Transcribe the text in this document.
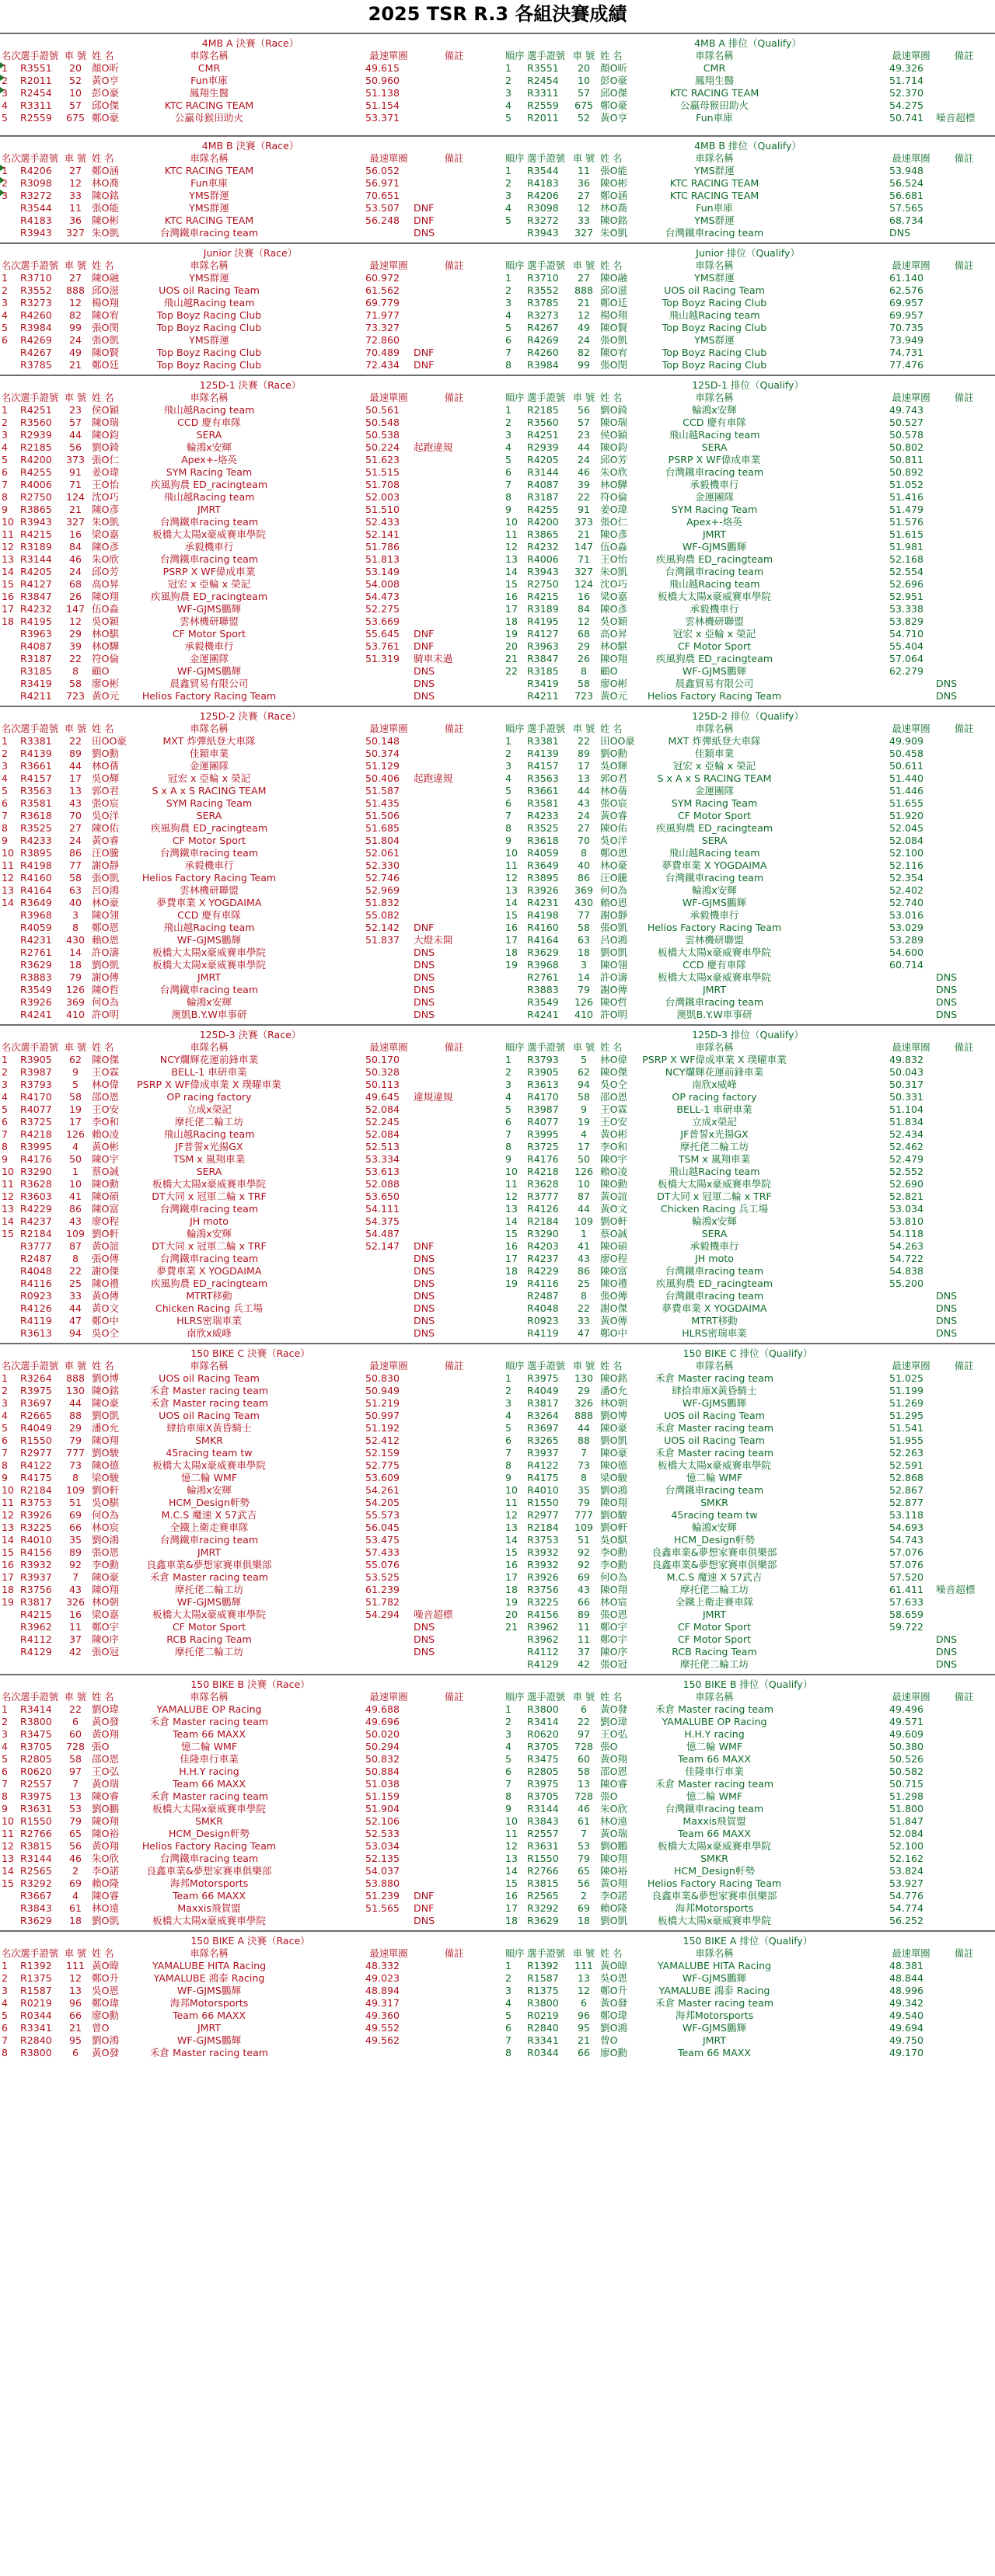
2025 TSR R.3 各組決賽成績
4MB A 決賽（Race）
名次 選手證號 車 號 姓 名	車隊名稱	最速單圈	備註
1	R3551	20	顏O昕	CMR	49.615
2	R2011	52	黃O亨	Fun車庫	50.960
3	R2454	10	彭O豪	鳳翔生醫	51.138
4	R3311	57	邱O傑	KTC RACING TEAM	51.154
5	R2559	675 鄭O豪	公贏母猴田助火	53.371
4MB A 排位（Qualify）
順序 選手證號 車 號 姓 名	車隊名稱	最速單圈	備註
1	R3551	20	顏O昕	CMR	49.326
2	R2454	10	彭O豪	鳳翔生醫	51.714
3	R3311	57	邱O傑	KTC RACING TEAM	52.370
4	R2559	675 鄭O豪	公贏母猴田助火	54.275
5	R2011	52	黃O亨	Fun車庫	50.741	噪音超標
4MB B 決賽（Race）
名次 選手證號 車 號 姓 名	車隊名稱	最速單圈	備註
1	R4206	27	鄭O涵	KTC RACING TEAM	56.052
2	R3098	12	林O喬	Fun車庫	56.971
3	R3272	33	陳O銘	YMS群運	70.651
R3544	11	張O能	YMS群運	53.507	DNF
R4183	36	陳O彬	KTC RACING TEAM	56.248	DNF
R3943	327 朱O凱	台灣鐵車racing team	DNS
4MB B 排位（Qualify）
順序 選手證號 車 號 姓 名	車隊名稱	最速單圈	備註
1	R3544	11	張O能	YMS群運	53.948
2	R4183	36	陳O彬	KTC RACING TEAM	56.524
3	R4206	27	鄭O涵	KTC RACING TEAM	56.681
4	R3098	12	林O喬	Fun車庫	57.565
5	R3272	33	陳O銘	YMS群運	68.734
R3943	327 朱O凱	台灣鐵車racing team	DNS
Junior 決賽（Race）
名次 選手證號 車 號 姓 名	車隊名稱	最速單圈	備註
1	R3710	27	陳O融	YMS群運	60.972
2	R3552	888 邱O滋	UOS oil Racing Team	61.562
3	R3273	12	楊O翔	飛山越Racing team	69.779
4	R4260	82	陳O宥	Top Boyz Racing Club	71.977
5	R3984	99	張O閔	Top Boyz Racing Club	73.327
6	R4269	24	張O凱	YMS群運	72.860
R4267	49	陳O賢	Top Boyz Racing Club	70.489	DNF
R3785	21	鄭O廷	Top Boyz Racing Club	72.434	DNF
Junior 排位（Qualify）
順序 選手證號 車 號 姓 名	車隊名稱	最速單圈	備註
1	R3710	27	陳O融	YMS群運	61.140
2	R3552	888 邱O滋	UOS oil Racing Team	62.576
3	R3785	21	鄭O廷	Top Boyz Racing Club	69.957
4	R3273	12	楊O翔	飛山越Racing team	69.957
5	R4267	49	陳O賢	Top Boyz Racing Club	70.735
6	R4269	24	張O凱	YMS群運	73.949
7	R4260	82	陳O宥	Top Boyz Racing Club	74.731
8	R3984	99	張O閔	Top Boyz Racing Club	77.476
125D-1 決賽（Race）
名次 選手證號 車 號 姓 名	車隊名稱	最速單圈	備註
1	R4251	23	侯O穎	飛山越Racing team	50.561
2	R3560	57	陳O瑞	CCD 慶有車隊	50.548
3	R2939	44	陳O鈞	SERA	50.538
4	R2185	56	劉O錡	輪鴻x安輝	50.224	起跑違規
5	R4200	373 張O仁	Apex+-烙英	51.623
6	R4255	91	姜O瑋	SYM Racing Team	51.515
7	R4006	71	王O怡	疾風狗農 ED_racingteam	51.708
8	R2750	124 沈O巧	飛山越Racing team	52.003
9	R3865	21	陳O彥	JMRT	51.510
10 R3943	327 朱O凱	台灣鐵車racing team	52.433
11 R4215	16	梁O嘉	板橋大太陽x豪威賽車學院	52.141
12 R3189	84	陳O彥	承毅機車行	51.786
13 R3144	46	朱O欣	台灣鐵車racing team	51.813
14 R4205	24	邱O芳	PSRP X WF偉成車業	53.149
15 R4127	68	高O昇	冠宏 x 亞輪 x 榮記	54.008
16 R3847	26	陳O翔	疾風狗農 ED_racingteam	54.473
17 R4232	147 伍O淼	WF-GJMS鵬輝	52.275
18 R4195	12	吳O穎	雲林機研聯盟	53.669
R3963	29	林O騏	CF Motor Sport	55.645	DNF
R4087	39	林O驊	承毅機車行	53.761	DNF
R3187	22	符O倫	金運團隊	51.319	騎車未過
R3185	8	顧O	WF-GJMS鵬輝	DNS
R3419	58	廖O彬	晨鑫貿易有限公司	DNS
R4211	723 黃O元	Helios Factory Racing Team	DNS
125D-1 排位（Qualify）
順序 選手證號 車 號 姓 名	車隊名稱	最速單圈	備註
1	R2185	56	劉O錡	輪鴻x安輝	49.743
2	R3560	57	陳O瑞	CCD 慶有車隊	50.527
3	R4251	23	侯O穎	飛山越Racing team	50.578
4	R2939	44	陳O鈞	SERA	50.802
5	R4205	24	邱O芳	PSRP X WF偉成車業	50.811
6	R3144	46	朱O欣	台灣鐵車racing team	50.892
7	R4087	39	林O驊	承毅機車行	51.052
8	R3187	22	符O倫	金運團隊	51.416
9	R4255	91	姜O瑋	SYM Racing Team	51.479
10 R4200	373 張O仁	Apex+-烙英	51.576
11 R3865	21	陳O彥	JMRT	51.615
12 R4232	147 伍O淼	WF-GJMS鵬輝	51.981
13 R4006	71	王O怡	疾風狗農 ED_racingteam	52.168
14 R3943	327 朱O凱	台灣鐵車racing team	52.554
15 R2750	124 沈O巧	飛山越Racing team	52.696
16 R4215	16	梁O嘉	板橋大太陽x豪威賽車學院	52.951
17 R3189	84	陳O彥	承毅機車行	53.338
18 R4195	12	吳O穎	雲林機研聯盟	53.829
19 R4127	68	高O昇	冠宏 x 亞輪 x 榮記	54.710
20 R3963	29	林O騏	CF Motor Sport	55.404
21 R3847	26	陳O翔	疾風狗農 ED_racingteam	57.064
22 R3185	8	顧O	WF-GJMS鵬輝	62.279
R3419	58	廖O彬	晨鑫貿易有限公司	DNS
R4211	723 黃O元	Helios Factory Racing Team	DNS
125D-2 決賽（Race）
名次 選手證號 車 號 姓 名	車隊名稱	最速單圈	備註
1	R3381	22	田OO豪	MXT 炸彈紙登大車隊	50.148
2	R4139	89	劉O勳	佳穎車業	50.374
3	R3661	44	林O蒨	金運團隊	51.129
4	R4157	17	吳O輝	冠宏 x 亞輪 x 榮記	50.406	起跑違規
5	R3563	13	郭O君	S x A x S RACING TEAM	51.587
6	R3581	43	張O宸	SYM Racing Team	51.435
7	R3618	70	吳O洋	SERA	51.506
8	R3525	27	陳O佑	疾風狗農 ED_racingteam	51.685
9	R4233	24	黃O睿	CF Motor Sport	51.804
10 R3895	86	汪O騰	台灣鐵車racing team	52.061
11 R4198	77	謝O靜	承毅機車行	52.330
12 R4160	58	張O凱	Helios Factory Racing Team	52.746
13 R4164	63	呂O鴻	雲林機研聯盟	52.969
14 R3649	40	林O豪	夢費車業 X YOGDAIMA	51.832
R3968	3	陳O翎	CCD 慶有車隊	55.082
R4059	8	鄭O恩	飛山越Racing team	52.142	DNF
R4231	430 賴O恩	WF-GJMS鵬輝	51.837	大燈未開
R2761	14	許O濤	板橋大太陽x豪威賽車學院	DNS
R3629	18	劉O凱	板橋大太陽x豪威賽車學院	DNS
R3883	79	謝O傳	JMRT	DNS
R3549	126 陳O哲	台灣鐵車racing team	DNS
R3926	369 何O為	輪鴻x安輝	DNS
R4241	410 許O明	澳凱B.Y.W車事研	DNS
125D-2 排位（Qualify）
順序 選手證號 車 號 姓 名	車隊名稱	最速單圈	備註
1	R3381	22	田OO豪	MXT 炸彈紙登大車隊	49.909
2	R4139	89	劉O勳	佳穎車業	50.458
3	R4157	17	吳O輝	冠宏 x 亞輪 x 榮記	50.611
4	R3563	13	郭O君	S x A x S RACING TEAM	51.440
5	R3661	44	林O蒨	金運團隊	51.446
6	R3581	43	張O宸	SYM Racing Team	51.655
7	R4233	24	黃O睿	CF Motor Sport	51.920
8	R3525	27	陳O佑	疾風狗農 ED_racingteam	52.045
9	R3618	70	吳O洋	SERA	52.084
10 R4059	8	鄭O恩	飛山越Racing team	52.100
11 R3649	40	林O豪	夢費車業 X YOGDAIMA	52.116
12 R3895	86	汪O騰	台灣鐵車racing team	52.354
13 R3926	369 何O為	輪鴻x安輝	52.402
14 R4231	430 賴O恩	WF-GJMS鵬輝	52.740
15 R4198	77	謝O靜	承毅機車行	53.016
16 R4160	58	張O凱	Helios Factory Racing Team	53.029
17 R4164	63	呂O鴻	雲林機研聯盟	53.289
18 R3629	18	劉O凱	板橋大太陽x豪威賽車學院	54.600
19 R3968	3	陳O翎	CCD 慶有車隊	60.714
R2761	14	許O濤	板橋大太陽x豪威賽車學院	DNS
R3883	79	謝O傳	JMRT	DNS
R3549	126 陳O哲	台灣鐵車racing team	DNS
R4241	410 許O明	澳凱B.Y.W車事研	DNS
125D-3 決賽（Race）
名次 選手證號 車 號 姓 名	車隊名稱	最速單圈	備註
1	R3905	62	陳O傑	NCY爛輝花運前鋒車業	50.170
2	R3987	9	王O霖	BELL-1 車研車業	50.328
3	R3793	5	林O偉	PSRP X WF偉成車業 X 璞曜車業	50.113
4	R4170	58	邵O恩	OP racing factory	49.645	違規違規
5	R4077	19	王O安	立成x榮記	52.084
6	R3725	17	李O和	摩托佬二輪工坊	52.245
7	R4218	126 賴O凌	飛山越Racing team	52.084
8	R3995	4	黃O彬	JF普誓x光揚GX	52.513
9	R4176	50	陳O宇	TSM x 嵐翔車業	53.334
10 R3290	1	蔡O誠	SERA	53.613
11 R3628	10	陳O勳	板橋大太陽x豪威賽車學院	52.088
12 R3603	41	陳O碩	DT大同 x 冠軍二輪 x TRF	53.650
13 R4229	86	陳O富	台灣鐵車racing team	54.111
14 R4237	43	廖O程	JH moto	54.375
15 R2184	109 劉O軒	輪鴻x安輝	54.487
R3777	87	黃O誼	DT大同 x 冠軍二輪 x TRF	52.147	DNF
R2487	8	張O傳	台灣鐵車racing team	DNS
R4048	22	謝O傑	夢費車業 X YOGDAIMA	DNS
R4116	25	陳O禮	疾風狗農 ED_racingteam	DNS
R0923	33	黃O傳	MTRT移動	DNS
R4126	44	黃O文	Chicken Racing 兵工場	DNS
R4119	47	鄭O中	HLRS密瑞車業	DNS
R3613	94	吳O仝	南欣x威峰	DNS
125D-3 排位（Qualify）
順序 選手證號 車 號 姓 名	車隊名稱	最速單圈	備註
1	R3793	5	林O偉	PSRP X WF偉成車業 X 璞曜車業	49.832
2	R3905	62	陳O傑	NCY爛輝花運前鋒車業	50.043
3	R3613	94	吳O仝	南欣x威峰	50.317
4	R4170	58	邵O恩	OP racing factory	50.331
5	R3987	9	王O霖	BELL-1 車研車業	51.104
6	R4077	19	王O安	立成x榮記	51.834
7	R3995	4	黃O彬	JF普誓x光揚GX	52.434
8	R3725	17	李O和	摩托佬二輪工坊	52.462
9	R4176	50	陳O宇	TSM x 嵐翔車業	52.479
10 R4218	126 賴O凌	飛山越Racing team	52.552
11 R3628	10	陳O勳	板橋大太陽x豪威賽車學院	52.690
12 R3777	87	黃O誼	DT大同 x 冠軍二輪 x TRF	52.821
13 R4126	44	黃O文	Chicken Racing 兵工場	53.034
14 R2184	109 劉O軒	輪鴻x安輝	53.810
15 R3290	1	蔡O誠	SERA	54.118
16 R4203	41	陳O碩	承毅機車行	54.263
17 R4237	43	廖O程	JH moto	54.722
18 R4229	86	陳O富	台灣鐵車racing team	54.838
19 R4116	25	陳O禮	疾風狗農 ED_racingteam	55.200
R2487	8	張O傳	台灣鐵車racing team	DNS
R4048	22	謝O傑	夢費車業 X YOGDAIMA	DNS
R0923	33	黃O傳	MTRT移動	DNS
R4119	47	鄭O中	HLRS密瑞車業	DNS
150 BIKE C 決賽（Race）
名次 選手證號 車 號 姓 名	車隊名稱	最速單圈	備註
1	R3264	888 劉O博	UOS oil Racing Team	50.830
2	R3975	130 陳O銘	禾倉 Master racing team	50.949
3	R3697	44	陳O豪	禾倉 Master racing team	51.219
4	R2665	88	劉O凱	UOS oil Racing Team	50.997
5	R4049	29	潘O允	肆拾車庫X黃昏騎士	51.192
6	R1550	79	陳O翔	SMKR	52.412
7	R2977	777 劉O駿	45racing team tw	52.159
8	R4122	73	陳O德	板橋大太陽x豪威賽車學院	52.775
9	R4175	8	梁O駿	憶二輪 WMF	53.609
10 R2184	109 劉O軒	輪鴻x安輝	54.261
11 R3753	51	吳O騏	HCM_Design軒勢	54.205
12 R3926	69	何O為	M.C.S 魔速 X 57武吉	55.573
13 R3225	66	林O宸	全鐵上衛走賽車隊	56.045
14 R4010	35	劉O鴻	台灣鐵車racing team	53.475
15 R4156	89	張O恩	JMRT	57.433
16 R3932	92	李O勳	良鑫車業&夢想家賽車俱樂部	55.076
17 R3937	7	陳O豪	禾倉 Master racing team	53.525
18 R3756	43	陳O翔	摩托佬二輪工坊	61.239
19 R3817	326 林O朝	WF-GJMS鵬輝	51.782
R4215	16	梁O嘉	板橋大太陽x豪威賽車學院	54.294	噪音超標
R3962	11	鄭O宇	CF Motor Sport	DNS
R4112	37	陳O序	RCB Racing Team	DNS
R4129	42	張O冠	摩托佬二輪工坊	DNS
150 BIKE C 排位（Qualify）
順序 選手證號 車 號 姓 名	車隊名稱	最速單圈	備註
1	R3975	130 陳O銘	禾倉 Master racing team	51.025
2	R4049	29	潘O允	肆拾車庫X黃昏騎士	51.199
3	R3817	326 林O朝	WF-GJMS鵬輝	51.269
4	R3264	888 劉O博	UOS oil Racing Team	51.295
5	R3697	44	陳O豪	禾倉 Master racing team	51.541
6	R3265	88	劉O凱	UOS oil Racing Team	51.955
7	R3937	7	陳O豪	禾倉 Master racing team	52.263
8	R4122	73	陳O德	板橋大太陽x豪威賽車學院	52.591
9	R4175	8	梁O駿	憶二輪 WMF	52.868
10 R4010	35	劉O鴻	台灣鐵車racing team	52.867
11 R1550	79	陳O翔	SMKR	52.877
12 R2977	777 劉O駿	45racing team tw	53.118
13 R2184	109 劉O軒	輪鴻x安輝	54.693
14 R3753	51	吳O騏	HCM_Design軒勢	54.743
15 R3932	92	李O勳	良鑫車業&夢想家賽車俱樂部	57.076
16 R3932	92	李O勳	良鑫車業&夢想家賽車俱樂部	57.076
17 R3926	69	何O為	M.C.S 魔速 X 57武吉	57.520
18 R3756	43	陳O翔	摩托佬二輪工坊	61.411	噪音超標
19 R3225	66	林O宸	全鐵上衛走賽車隊	57.633
20 R4156	89	張O恩	JMRT	58.659
21 R3962	11	鄭O宇	CF Motor Sport	59.722
R3962	11	鄭O宇	CF Motor Sport	DNS
R4112	37	陳O序	RCB Racing Team	DNS
R4129	42	張O冠	摩托佬二輪工坊	DNS
150 BIKE B 決賽（Race）
名次 選手證號 車 號 姓 名	車隊名稱	最速單圈	備註
1	R3414	22	劉O瑋	YAMALUBE OP Racing	49.688
2	R3800	6	黃O發	禾倉 Master racing team	49.696
3	R3475	60	黃O翔	Team 66 MAXX	50.020
4	R3705	728 張O	憶二輪 WMF	50.294
5	R2805	58	邵O恩	佳隆車行車業	50.832
6	R0620	97	王O弘	H.H.Y racing	50.884
7	R2557	7	黃O瑞	Team 66 MAXX	51.038
8	R3975	13	陳O睿	禾倉 Master racing team	51.159
9	R3631	53	劉O鵬	板橋大太陽x豪威賽車學院	51.904
10 R1550	79	陳O翔	SMKR	52.106
11 R2766	65	陳O裕	HCM_Design軒勢	52.533
12 R3815	56	黃O翔	Helios Factory Racing Team	53.034
13 R3144	46	朱O欣	台灣鐵車racing team	52.135
14 R2565	2	李O諾	良鑫車業&夢想家賽車俱樂部	54.037
15 R3292	69	賴O隆	海邦Motorsports	53.880
R3667	4	陳O睿	Team 66 MAXX	51.239	DNF
R3843	61	林O遠	Maxxis飛賀盟	51.565	DNF
R3629	18	劉O凱	板橋大太陽x豪威賽車學院	DNS
150 BIKE B 排位（Qualify）
順序 選手證號 車 號 姓 名	車隊名稱	最速單圈	備註
1	R3800	6	黃O發	禾倉 Master racing team	49.496
2	R3414	22	劉O瑋	YAMALUBE OP Racing	49.571
3	R0620	97	王O弘	H.H.Y racing	49.609
4	R3705	728 張O	憶二輪 WMF	50.380
5	R3475	60	黃O翔	Team 66 MAXX	50.526
6	R2805	58	邵O恩	佳隆車行車業	50.582
7	R3975	13	陳O睿	禾倉 Master racing team	50.715
8	R3705	728 張O	憶二輪 WMF	51.298
9	R3144	46	朱O欣	台灣鐵車racing team	51.800
10 R3843	61	林O遠	Maxxis飛賀盟	51.847
11 R2557	7	黃O瑞	Team 66 MAXX	52.084
12 R3631	53	劉O鵬	板橋大太陽x豪威賽車學院	52.100
13 R1550	79	陳O翔	SMKR	52.162
14 R2766	65	陳O裕	HCM_Design軒勢	53.824
15 R3815	56	黃O翔	Helios Factory Racing Team	53.927
16 R2565	2	李O諾	良鑫車業&夢想家賽車俱樂部	54.776
17 R3292	69	賴O隆	海邦Motorsports	54.774
18 R3629	18	劉O凱	板橋大太陽x豪威賽車學院	56.252
150 BIKE A 決賽（Race）
名次 選手證號 車 號 姓 名	車隊名稱	最速單圈	備註
1	R1392	111 黃O暐	YAMALUBE HITA Racing	48.332
2	R1375	12	鄭O升	YAMALUBE 鴻泰 Racing	49.023
3	R1587	13	吳O恩	WF-GJMS鵬輝	48.894
4	R0219	96	鄭O瑋	海邦Motorsports	49.317
5	R0344	66	廖O勳	Team 66 MAXX	49.360
6	R3341	21	曾O	JMRT	49.552
7	R2840	95	劉O鴻	WF-GJMS鵬輝	49.562
8	R3800	6	黃O發	禾倉 Master racing team
150 BIKE A 排位（Qualify）
順序 選手證號 車 號 姓 名	車隊名稱	最速單圈	備註
1	R1392	111 黃O暐	YAMALUBE HITA Racing	48.381
2	R1587	13	吳O恩	WF-GJMS鵬輝	48.844
3	R1375	12	鄭O升	YAMALUBE 鴻泰 Racing	48.996
4	R3800	6	黃O發	禾倉 Master racing team	49.342
5	R0219	96	鄭O瑋	海邦Motorsports	49.540
6	R2840	95	劉O鴻	WF-GJMS鵬輝	49.694
7	R3341	21	曾O	JMRT	49.750
8	R0344	66	廖O勳	Team 66 MAXX	49.170
